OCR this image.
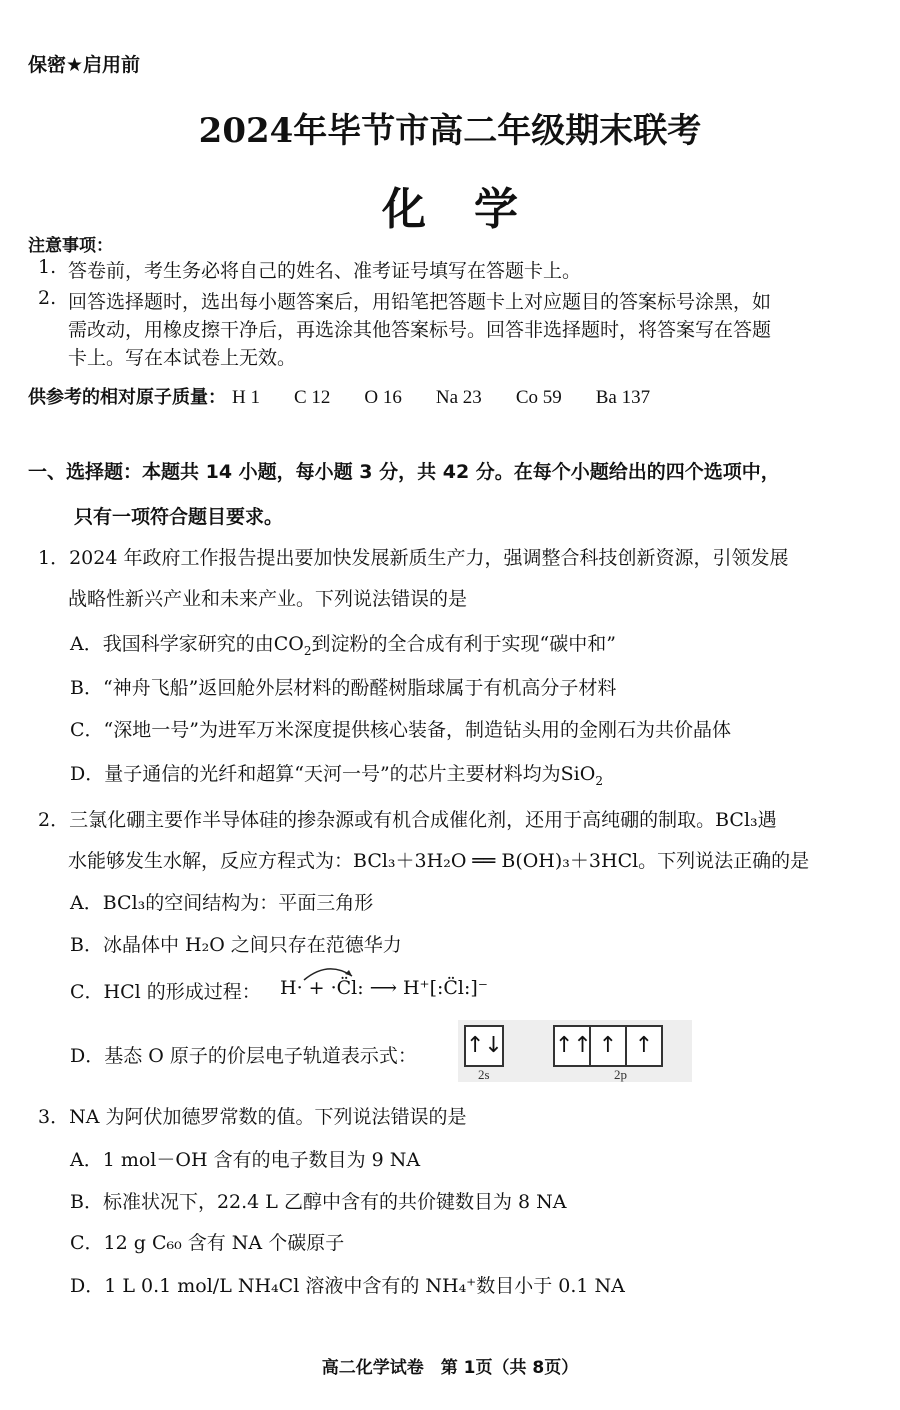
保密★启用前
2024年毕节市高二年级期末联考
化学
注意事项：
1. 答卷前，考生务必将自己的姓名、准考证号填写在答题卡上。
2. 回答选择题时，选出每小题答案后，用铅笔把答题卡上对应题目的答案标号涂黑，如
需改动，用橡皮擦干净后，再选涂其他答案标号。回答非选择题时，将答案写在答题
卡上。写在本试卷上无效。
供参考的相对原子质量： H 1 C 12 O 16 Na 23 Co 59 Ba 137
一、选择题：本题共 14 小题，每小题 3 分，共 42 分。在每个小题给出的四个选项中，
只有一项符合题目要求。
1．2024 年政府工作报告提出要加快发展新质生产力，强调整合科技创新资源，引领发展
战略性新兴产业和未来产业。下列说法错误的是
A．我国科学家研究的由$CO_2$到淀粉的全合成有利于实现“碳中和”
B．“神舟飞船”返回舱外层材料的酚醛树脂球属于有机高分子材料
C．“深地一号”为进军万米深度提供核心装备，制造钻头用的金刚石为共价晶体
D．量子通信的光纤和超算“天河一号”的芯片主要材料均为SiO$_2$
2．三氯化硼主要作半导体硅的掺杂源或有机合成催化剂，还用于高纯硼的制取。BCl₃遇
水能够发生水解，反应方程式为：BCl₃＋3H₂O ══ B(OH)₃＋3HCl。下列说法正确的是
A．BCl₃的空间结构为：平面三角形
B．冰晶体中 H₂O 之间只存在范德华力
C．HCl 的形成过程： H· + ·C̈l: ⟶ H⁺[:C̈l:]⁻
D．基态 O 原子的价层电子轨道表示式： ↑↓ ↑↑ ↑ ↑
2s	2p
3．NA 为阿伏加德罗常数的值。下列说法错误的是
A．1 mol－OH 含有的电子数目为 9 NA
B．标准状况下，22.4 L 乙醇中含有的共价键数目为 8 NA
C．12 g C₆₀ 含有 NA 个碳原子
D．1 L 0.1 mol/L NH₄Cl 溶液中含有的 NH₄⁺数目小于 0.1 NA
高二化学试卷　第 1页（共 8页）
